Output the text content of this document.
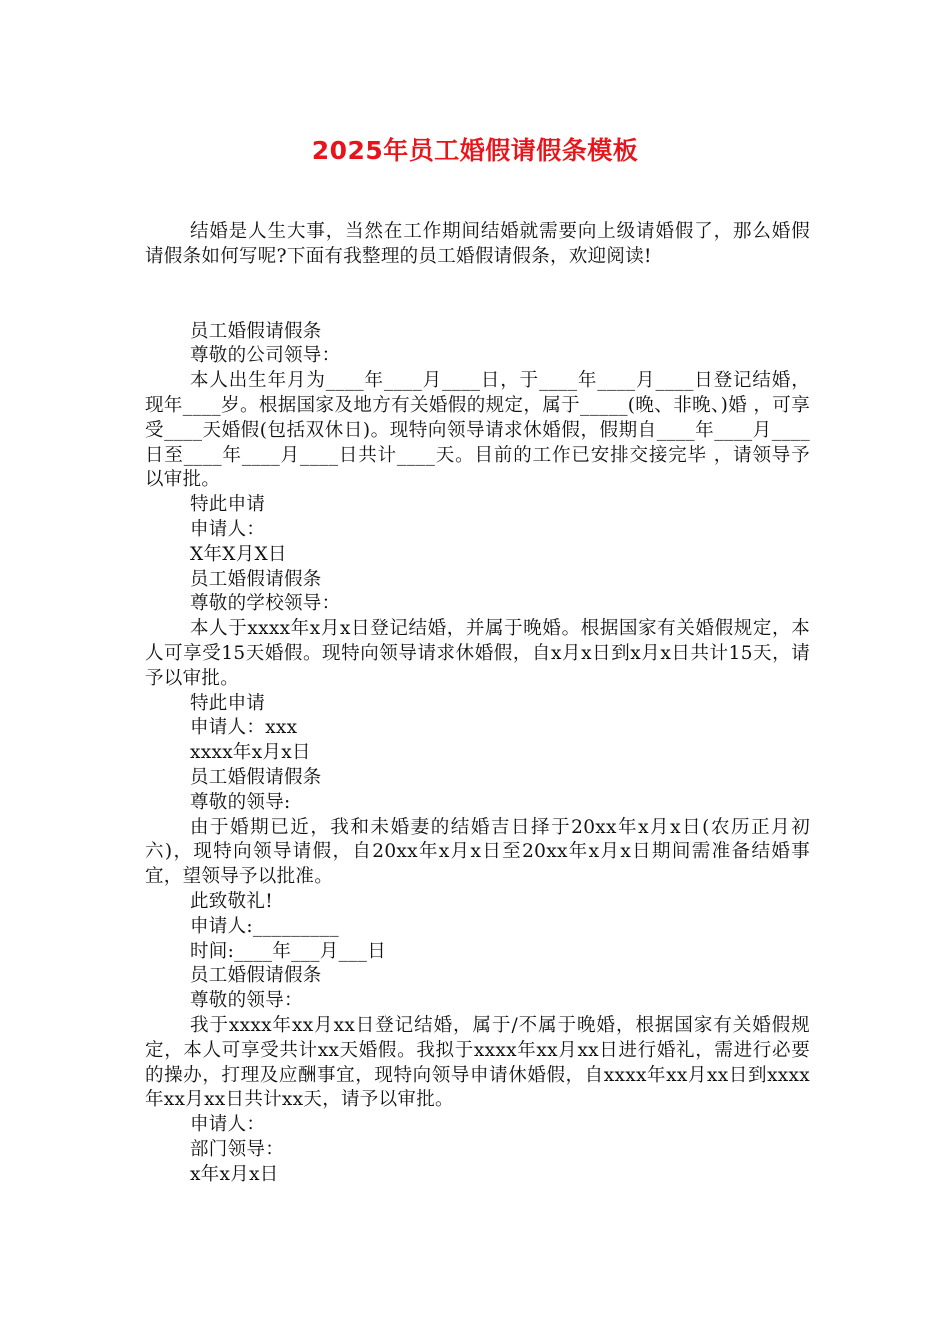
2025年员工婚假请假条模板

结婚是人生大事，当然在工作期间结婚就需要向上级请婚假了，那么婚假请假条如何写呢?下面有我整理的员工婚假请假条，欢迎阅读!

员工婚假请假条

尊敬的公司领导：

本人出生年月为____年____月____日，于____年____月____日登记结婚，现年____岁。根据国家及地方有关婚假的规定，属于_____(晚、非晚、)婚 ，可享受____天婚假(包括双休日)。现特向领导请求休婚假，假期自____年____月____日至____年____月____日共计____天。目前的工作已安排交接完毕 ，请领导予以审批。

特此申请

申请人：

X年X月X日

员工婚假请假条

尊敬的学校领导：

本人于xxxx年x月x日登记结婚，并属于晚婚。根据国家有关婚假规定，本人可享受15天婚假。现特向领导请求休婚假，自x月x日到x月x日共计15天，请予以审批。

特此申请

申请人：xxx

xxxx年x月x日

员工婚假请假条

尊敬的领导:

由于婚期已近，我和未婚妻的结婚吉日择于20xx年x月x日(农历正月初六)，现特向领导请假，自20xx年x月x日至20xx年x月x日期间需准备结婚事宜，望领导予以批准。

此致敬礼!

申请人:_________

时间:____年___月___日

员工婚假请假条

尊敬的领导：

我于xxxx年xx月xx日登记结婚，属于/不属于晚婚，根据国家有关婚假规定，本人可享受共计xx天婚假。我拟于xxxx年xx月xx日进行婚礼，需进行必要的操办，打理及应酬事宜，现特向领导申请休婚假，自xxxx年xx月xx日到xxxx年xx月xx日共计xx天，请予以审批。

申请人：

部门领导：

x年x月x日
